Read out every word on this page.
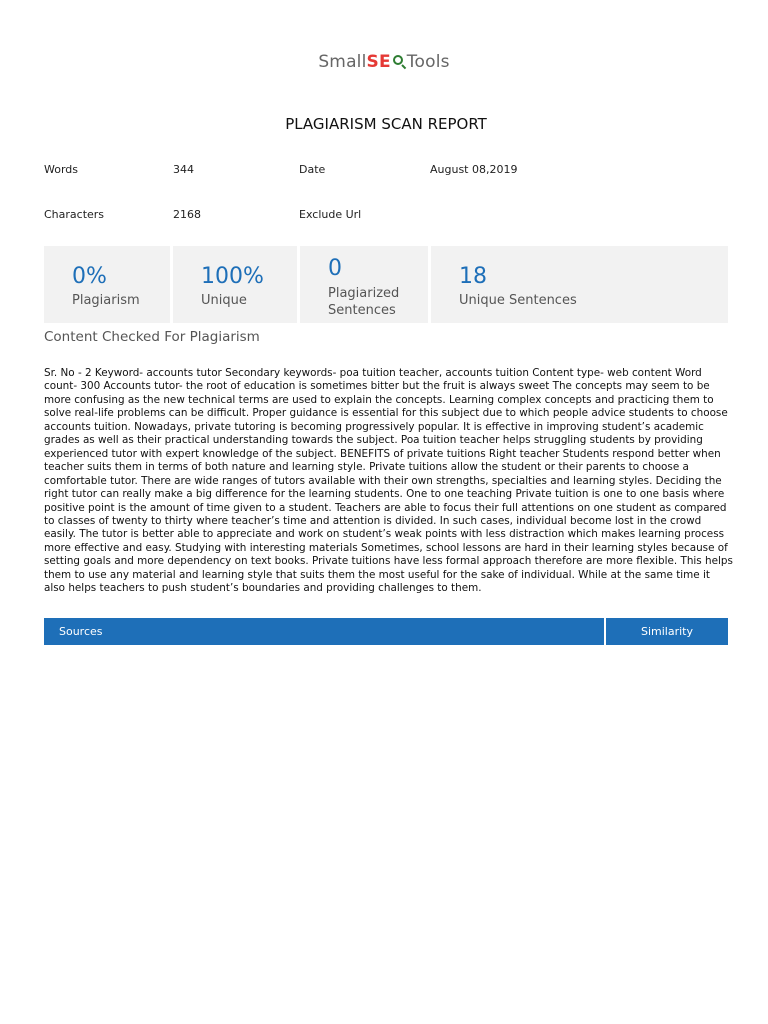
SmallSE Tools
PLAGIARISM SCAN REPORT
Words	344	Date	August 08,2019
Characters	2168	Exclude Url
0%
Plagiarism
100%
Unique
0
Plagiarized
Sentences
18
Unique Sentences
Content Checked For Plagiarism
Sr. No - 2 Keyword- accounts tutor Secondary keywords- poa tuition teacher, accounts tuition Content type- web content Word count- 300 Accounts tutor- the root of education is sometimes bitter but the fruit is always sweet The concepts may seem to be more confusing as the new technical terms are used to explain the concepts. Learning complex concepts and practicing them to solve real-life problems can be difficult. Proper guidance is essential for this subject due to which people advice students to choose accounts tuition. Nowadays, private tutoring is becoming progressively popular. It is effective in improving student’s academic grades as well as their practical understanding towards the subject. Poa tuition teacher helps struggling students by providing experienced tutor with expert knowledge of the subject. BENEFITS of private tuitions Right teacher Students respond better when teacher suits them in terms of both nature and learning style. Private tuitions allow the student or their parents to choose a comfortable tutor. There are wide ranges of tutors available with their own strengths, specialties and learning styles. Deciding the right tutor can really make a big difference for the learning students. One to one teaching Private tuition is one to one basis where positive point is the amount of time given to a student. Teachers are able to focus their full attentions on one student as compared to classes of twenty to thirty where teacher’s time and attention is divided. In such cases, individual become lost in the crowd easily. The tutor is better able to appreciate and work on student’s weak points with less distraction which makes learning process more effective and easy. Studying with interesting materials Sometimes, school lessons are hard in their learning styles because of setting goals and more dependency on text books. Private tuitions have less formal approach therefore are more flexible. This helps them to use any material and learning style that suits them the most useful for the sake of individual. While at the same time it also helps teachers to push student’s boundaries and providing challenges to them.
Sources	Similarity
